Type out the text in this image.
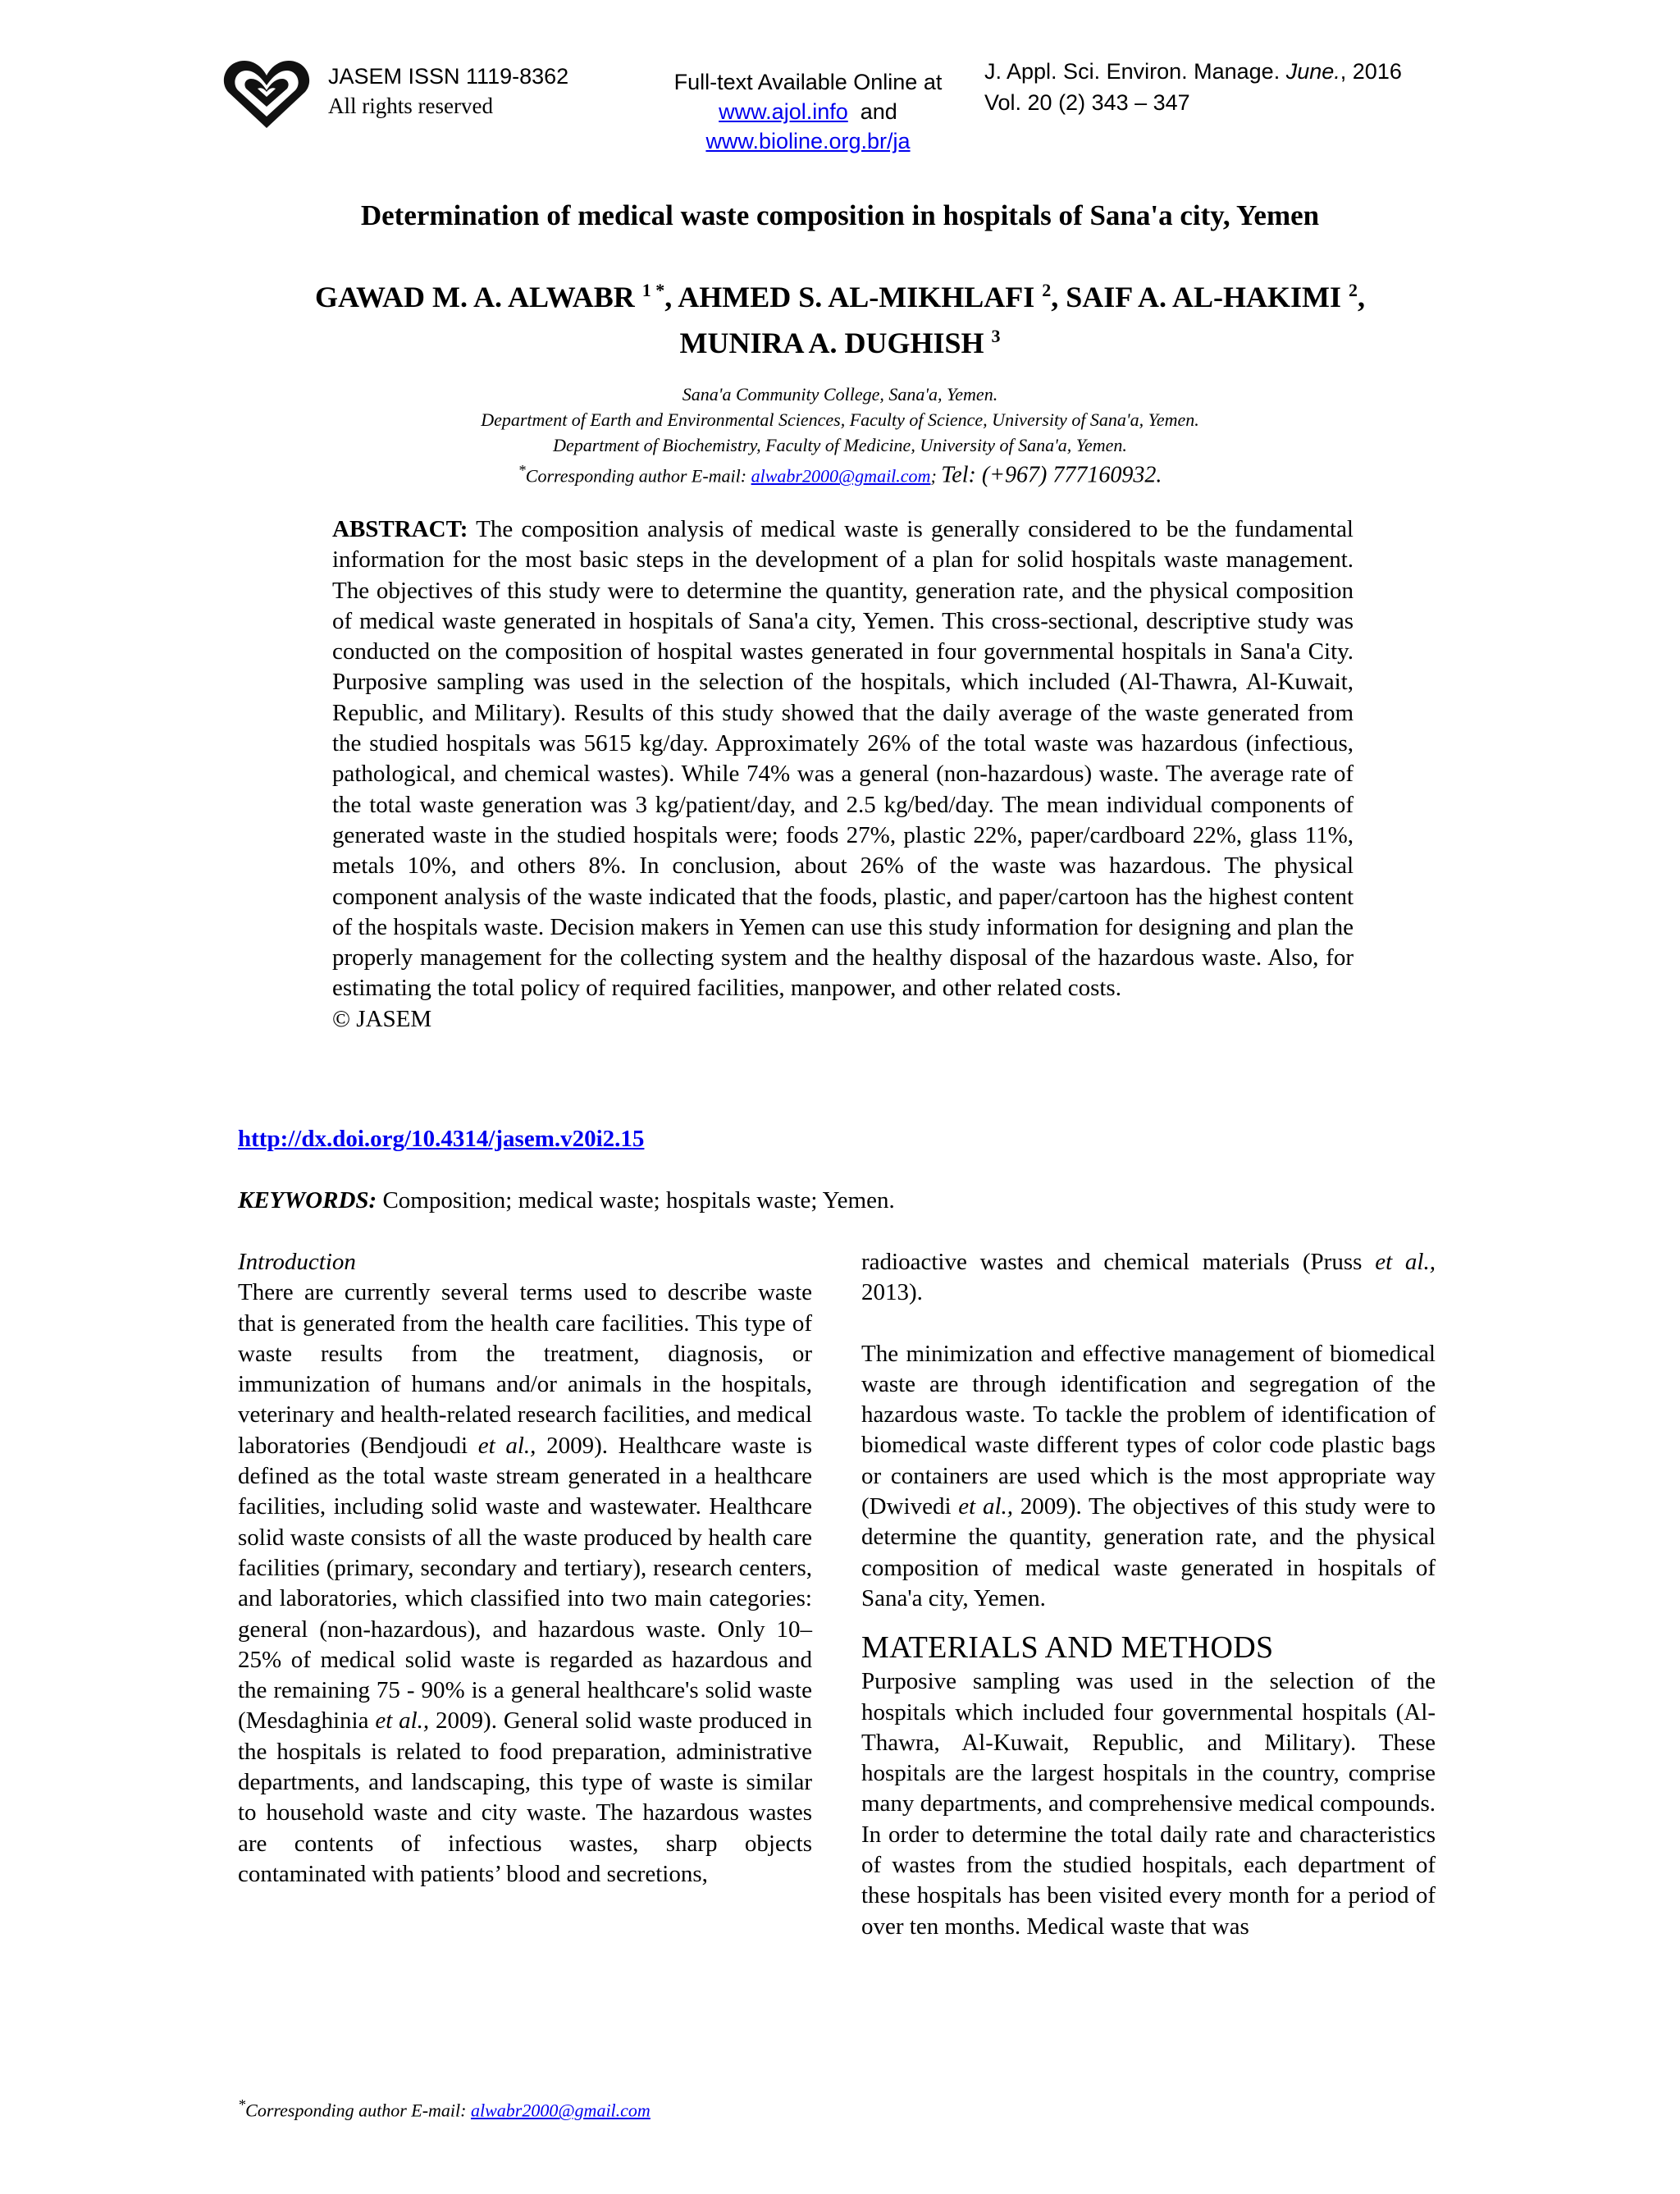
JASEM ISSN 1119-8362
All rights reserved
Full-text Available Online at
www.ajol.info and
www.bioline.org.br/ja
J. Appl. Sci. Environ. Manage. June., 2016
Vol. 20 (2) 343 – 347
Determination of medical waste composition in hospitals of Sana'a city, Yemen
GAWAD M. A. ALWABR $^{1 *}$, AHMED S. AL-MIKHLAFI $^2$, SAIF A. AL-HAKIMI $^2$,
MUNIRA A. DUGHISH $^3$
Sana'a Community College, Sana'a, Yemen.
Department of Earth and Environmental Sciences, Faculty of Science, University of Sana'a, Yemen.
Department of Biochemistry, Faculty of Medicine, University of Sana'a, Yemen.
*Corresponding author E-mail: alwabr2000@gmail.com; Tel: (+967) 777160932.
ABSTRACT: The composition analysis of medical waste is generally considered to be the fundamental information for the most basic steps in the development of a plan for solid hospitals waste management. The objectives of this study were to determine the quantity, generation rate, and the physical composition of medical waste generated in hospitals of Sana'a city, Yemen. This cross-sectional, descriptive study was conducted on the composition of hospital wastes generated in four governmental hospitals in Sana'a City. Purposive sampling was used in the selection of the hospitals, which included (Al-Thawra, Al-Kuwait, Republic, and Military). Results of this study showed that the daily average of the waste generated from the studied hospitals was 5615 kg/day. Approximately 26% of the total waste was hazardous (infectious, pathological, and chemical wastes). While 74% was a general (non-hazardous) waste. The average rate of the total waste generation was 3 kg/patient/day, and 2.5 kg/bed/day. The mean individual components of generated waste in the studied hospitals were; foods 27%, plastic 22%, paper/cardboard 22%, glass 11%, metals 10%, and others 8%. In conclusion, about 26% of the waste was hazardous. The physical component analysis of the waste indicated that the foods, plastic, and paper/cartoon has the highest content of the hospitals waste. Decision makers in Yemen can use this study information for designing and plan the properly management for the collecting system and the healthy disposal of the hazardous waste. Also, for estimating the total policy of required facilities, manpower, and other related costs.
© JASEM
http://dx.doi.org/10.4314/jasem.v20i2.15
KEYWORDS: Composition; medical waste; hospitals waste; Yemen.

Introduction

There are currently several terms used to describe waste that is generated from the health care facilities. This type of waste results from the treatment, diagnosis, or immunization of humans and/or animals in the hospitals, veterinary and health-related research facilities, and medical laboratories (Bendjoudi et al., 2009). Healthcare waste is defined as the total waste stream generated in a healthcare facilities, including solid waste and wastewater. Healthcare solid waste consists of all the waste produced by health care facilities (primary, secondary and tertiary), research centers, and laboratories, which classified into two main categories: general (non-hazardous), and hazardous waste. Only 10–25% of medical solid waste is regarded as hazardous and the remaining 75 - 90% is a general healthcare's solid waste (Mesdaghinia et al., 2009). General solid waste produced in the hospitals is related to food preparation, administrative departments, and landscaping, this type of waste is similar to household waste and city waste. The hazardous wastes are contents of infectious wastes, sharp objects contaminated with patients’ blood and secretions,

radioactive wastes and chemical materials (Pruss et al., 2013).

The minimization and effective management of biomedical waste are through identification and segregation of the hazardous waste. To tackle the problem of identification of biomedical waste different types of color code plastic bags or containers are used which is the most appropriate way (Dwivedi et al., 2009). The objectives of this study were to determine the quantity, generation rate, and the physical composition of medical waste generated in hospitals of Sana'a city, Yemen.

MATERIALS AND METHODS

Purposive sampling was used in the selection of the hospitals which included four governmental hospitals (Al-Thawra, Al-Kuwait, Republic, and Military). These hospitals are the largest hospitals in the country, comprise many departments, and comprehensive medical compounds. In order to determine the total daily rate and characteristics of wastes from the studied hospitals, each department of these hospitals has been visited every month for a period of over ten months. Medical waste that was

*Corresponding author E-mail: alwabr2000@gmail.com
